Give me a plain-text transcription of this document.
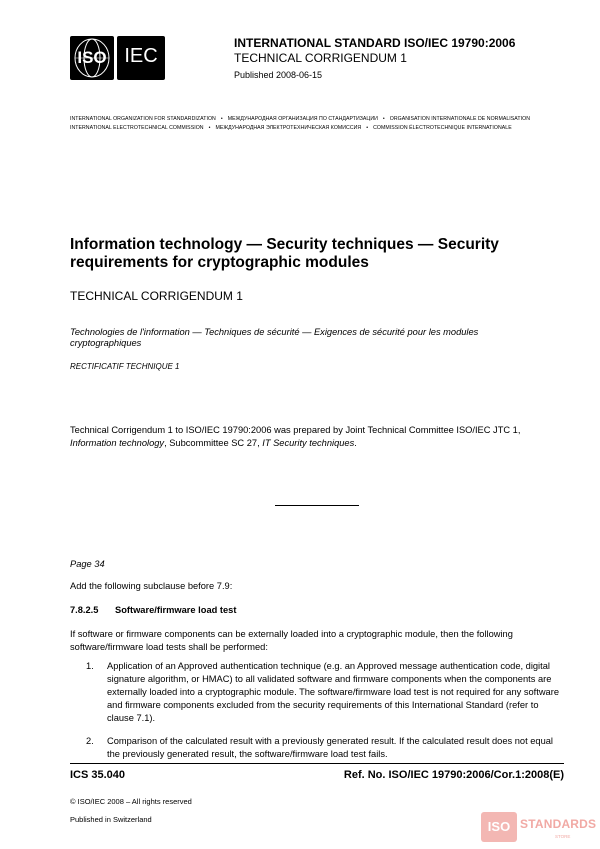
ISO IEC
INTERNATIONAL STANDARD ISO/IEC 19790:2006
TECHNICAL CORRIGENDUM 1
Published 2008-06-15
INTERNATIONAL ORGANIZATION FOR STANDARDIZATION • МЕЖДУНАРОДНАЯ ОРГАНИЗАЦИЯ ПО СТАНДАРТИЗАЦИИ • ORGANISATION INTERNATIONALE DE NORMALISATION
INTERNATIONAL ELECTROTECHNICAL COMMISSION • МЕЖДУНАРОДНАЯ ЭЛЕКТРОТЕХНИЧЕСКАЯ КОМИССИЯ • COMMISSION ÉLECTROTECHNIQUE INTERNATIONALE
Information technology — Security techniques — Security requirements for cryptographic modules
TECHNICAL CORRIGENDUM 1
Technologies de l'information — Techniques de sécurité — Exigences de sécurité pour les modules cryptographiques
RECTIFICATIF TECHNIQUE 1
Technical Corrigendum 1 to ISO/IEC 19790:2006 was prepared by Joint Technical Committee ISO/IEC JTC 1, Information technology, Subcommittee SC 27, IT Security techniques.
Page 34
Add the following subclause before 7.9:
7.8.2.5 Software/firmware load test
If software or firmware components can be externally loaded into a cryptographic module, then the following software/firmware load tests shall be performed:
1. Application of an Approved authentication technique (e.g. an Approved message authentication code, digital signature algorithm, or HMAC) to all validated software and firmware components when the components are externally loaded into a cryptographic module. The software/firmware load test is not required for any software and firmware components excluded from the security requirements of this International Standard (refer to clause 7.1).
2. Comparison of the calculated result with a previously generated result. If the calculated result does not equal the previously generated result, the software/firmware load test fails.
ICS 35.040	Ref. No. ISO/IEC 19790:2006/Cor.1:2008(E)
© ISO/IEC 2008 – All rights reserved
Published in Switzerland	ISO STANDARDS
STORE
